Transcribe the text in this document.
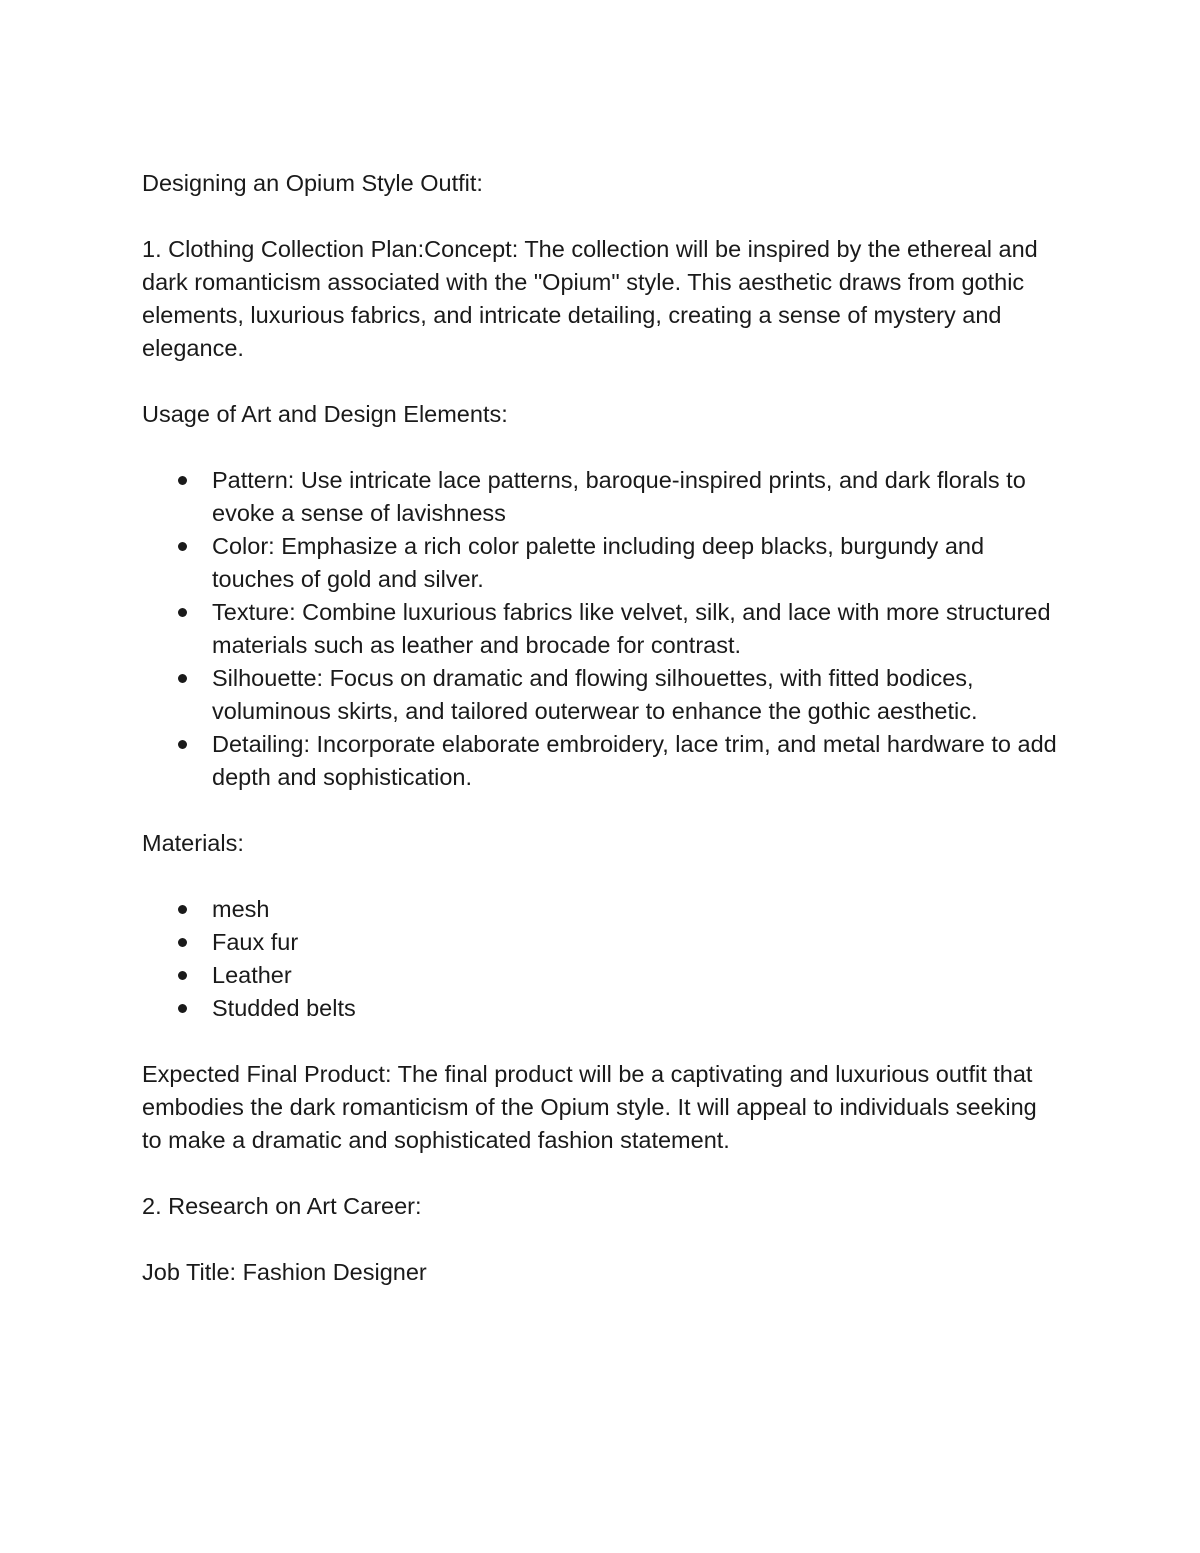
Designing an Opium Style Outfit:

1. Clothing Collection Plan:Concept: The collection will be inspired by the ethereal and dark romanticism associated with the "Opium" style. This aesthetic draws from gothic elements, luxurious fabrics, and intricate detailing, creating a sense of mystery and elegance.

Usage of Art and Design Elements:

Pattern: Use intricate lace patterns, baroque-inspired prints, and dark florals to evoke a sense of lavishness
Color: Emphasize a rich color palette including deep blacks, burgundy and touches of gold and silver.
Texture: Combine luxurious fabrics like velvet, silk, and lace with more structured materials such as leather and brocade for contrast.
Silhouette: Focus on dramatic and flowing silhouettes, with fitted bodices, voluminous skirts, and tailored outerwear to enhance the gothic aesthetic.
Detailing: Incorporate elaborate embroidery, lace trim, and metal hardware to add depth and sophistication.

Materials:

mesh
Faux fur
Leather
Studded belts

Expected Final Product: The final product will be a captivating and luxurious outfit that embodies the dark romanticism of the Opium style. It will appeal to individuals seeking to make a dramatic and sophisticated fashion statement.

2. Research on Art Career:

Job Title: Fashion Designer
